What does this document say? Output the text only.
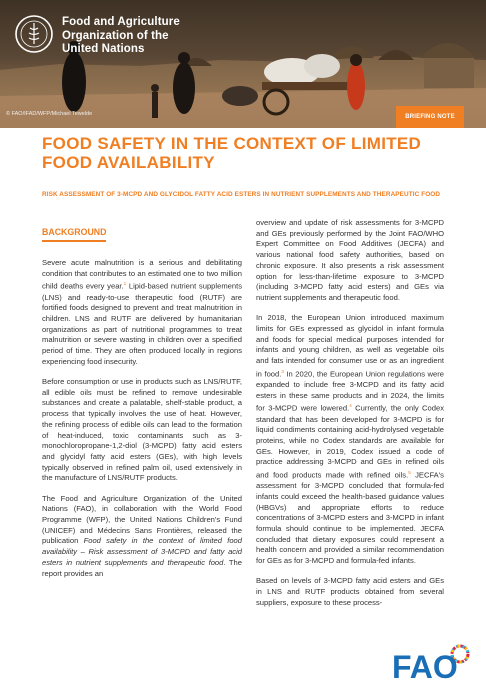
Food and Agriculture
Organization of the
United Nations
© FAO/IFAD/WFP/Michael Tewelde	BRIEFING NOTE
FOOD SAFETY IN THE CONTEXT OF LIMITED FOOD AVAILABILITY
RISK ASSESSMENT OF 3-MCPD AND GLYCIDOL FATTY ACID ESTERS IN NUTRIENT SUPPLEMENTS AND THERAPEUTIC FOOD
BACKGROUND

Severe acute malnutrition is a serious and debilitating condition that contributes to an estimated one to two million child deaths every year.$^1$ Lipid-based nutrient supplements (LNS) and ready-to-use therapeutic food (RUTF) are fortified foods designed to prevent and treat malnutrition in children. LNS and RUTF are delivered by humanitarian organizations as part of nutritional programmes to treat malnutrition or severe wasting in children over a specified period of time. They are often produced locally in regions experiencing food insecurity.

Before consumption or use in products such as LNS/RUTF, all edible oils must be refined to remove undesirable substances and create a palatable, shelf-stable product, a process that typically involves the use of heat. However, the refining process of edible oils can lead to the formation of heat-induced, toxic contaminants such as 3-monochloropropane-1,2-diol (3-MCPD) fatty acid esters and glycidyl fatty acid esters (GEs), with high levels typically observed in refined palm oil, used extensively in the manufacture of LNS/RUTF products.

The Food and Agriculture Organization of the United Nations (FAO), in collaboration with the World Food Programme (WFP), the United Nations Children's Fund (UNICEF) and Médecins Sans Frontières, released the publication Food safety in the context of limited food availability – Risk assessment of 3-MCPD and fatty acid esters in nutrient supplements and therapeutic food. The report provides an

overview and update of risk assessments for 3-MCPD and GEs previously performed by the Joint FAO/WHO Expert Committee on Food Additives (JECFA) and various national food safety authorities, based on chronic exposure. It also presents a risk assessment option for less-than-lifetime exposure to 3-MCPD (including 3-MCPD fatty acid esters) and GEs via nutrient supplements and therapeutic food.

In 2018, the European Union introduced maximum limits for GEs expressed as glycidol in infant formula and foods for special medical purposes intended for infants and young children, as well as vegetable oils and fats intended for consumer use or as an ingredient in food.$^3$ In 2020, the European Union regulations were expanded to include free 3-MCPD and its fatty acid esters in these same products and in 2024, the limits for 3-MCPD were lowered.$^4$ Currently, the only Codex standard that has been developed for 3-MCPD is for liquid condiments containing acid-hydrolysed vegetable proteins, while no Codex standards are available for GEs. However, in 2019, Codex issued a code of practice addressing 3-MCPD and GEs in refined oils and food products made with refined oils.$^5$ JECFA's assessment for 3-MCPD concluded that formula-fed infants could exceed the health-based guidance values (HBGVs) and appropriate efforts to reduce concentrations of 3-MCPD esters and 3-MCPD in infant formula should continue to be implemented. JECFA concluded that dietary exposures could represent a health concern and provided a similar recommendation for GEs as for 3-MCPD and formula-fed infants.

Based on levels of 3-MCPD fatty acid esters and GEs in LNS and RUTF products obtained from several suppliers, exposure to these process-

FAO
